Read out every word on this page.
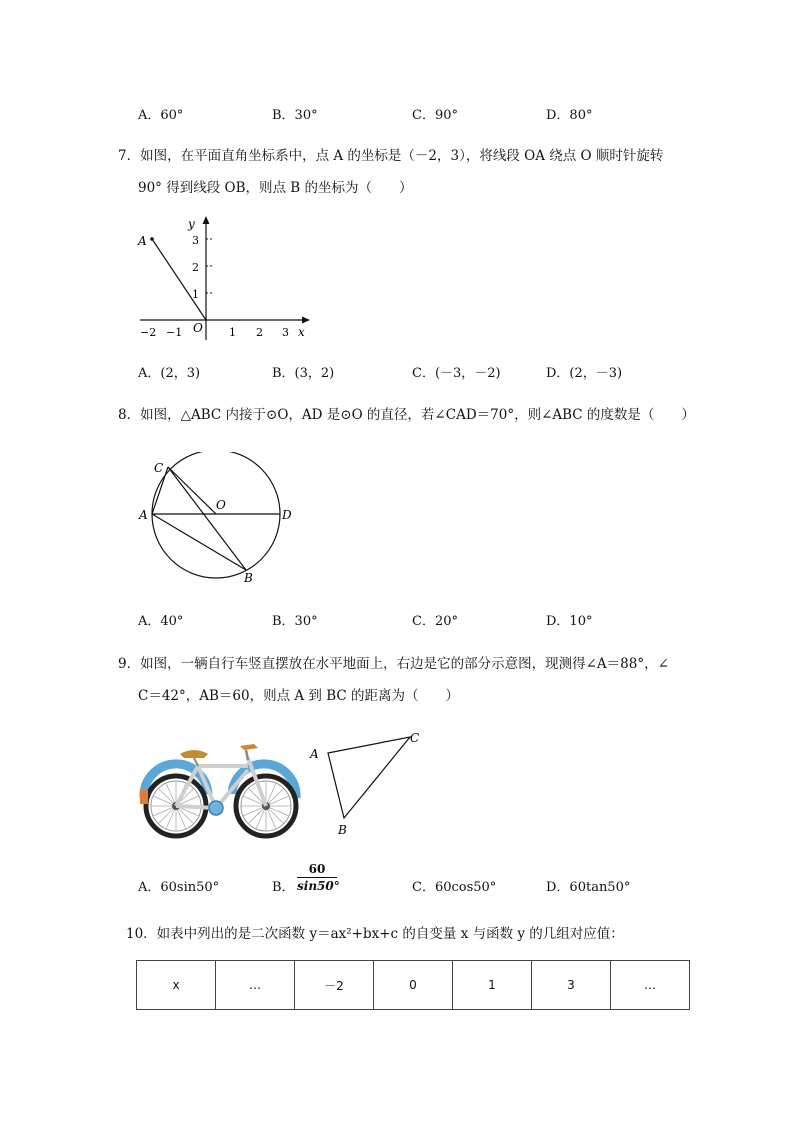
A．60°	B．30°	C．90°	D．80°
7．如图，在平面直角坐标系中，点 A 的坐标是（－2，3），将线段 OA 绕点 O 顺时针旋转
90° 得到线段 OB，则点 B 的坐标为（　　）
A
y
x
O
3
2
1
−2 −1	1 2 3
A．(2，3)	B．(3，2)	C．(－3，－2)	D．(2，－3)
8．如图，△ABC 内接于⊙O，AD 是⊙O 的直径，若∠CAD＝70°，则∠ABC 的度数是（　　）
C
A
O
D
B
A．40°	B．30°	C．20°	D．10°
9．如图，一辆自行车竖直摆放在水平地面上，右边是它的部分示意图，现测得∠A＝88°，∠
C＝42°，AB＝60，则点 A 到 BC 的距离为（　　）
A
C
B
A．60sin50°	B．
60
sin50°	C．60cos50°	D．60tan50°
10．如表中列出的是二次函数 y＝ax²+bx+c 的自变量 x 与函数 y 的几组对应值：
x	…	－2	0	1	3	…
